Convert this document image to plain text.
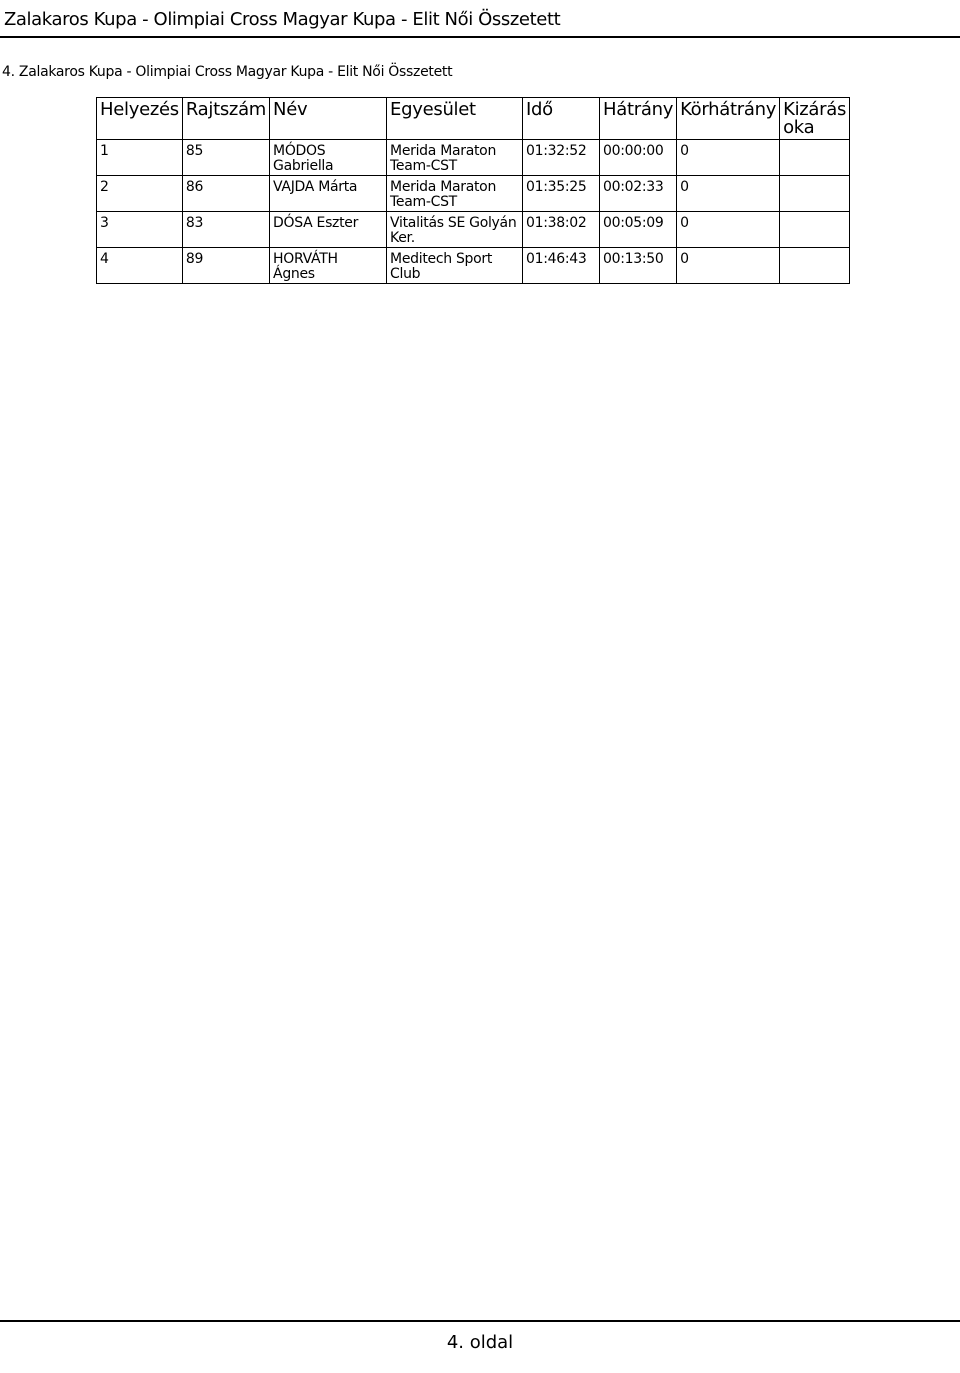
Zalakaros Kupa - Olimpiai Cross Magyar Kupa - Elit Női Összetett
4. Zalakaros Kupa - Olimpiai Cross Magyar Kupa - Elit Női Összetett
Helyezés	Rajtszám	Név	Egyesület	Idő	Hátrány	Körhátrány	Kizárás oka
1	85	MÓDOS Gabriella	Merida Maraton Team-CST	01:32:52	00:00:00	0	
2	86	VAJDA Márta	Merida Maraton Team-CST	01:35:25	00:02:33	0	
3	83	DÓSA Eszter	Vitalitás SE Golyán Ker.	01:38:02	00:05:09	0	
4	89	HORVÁTH Ágnes	Meditech Sport Club	01:46:43	00:13:50	0	
4. oldal
